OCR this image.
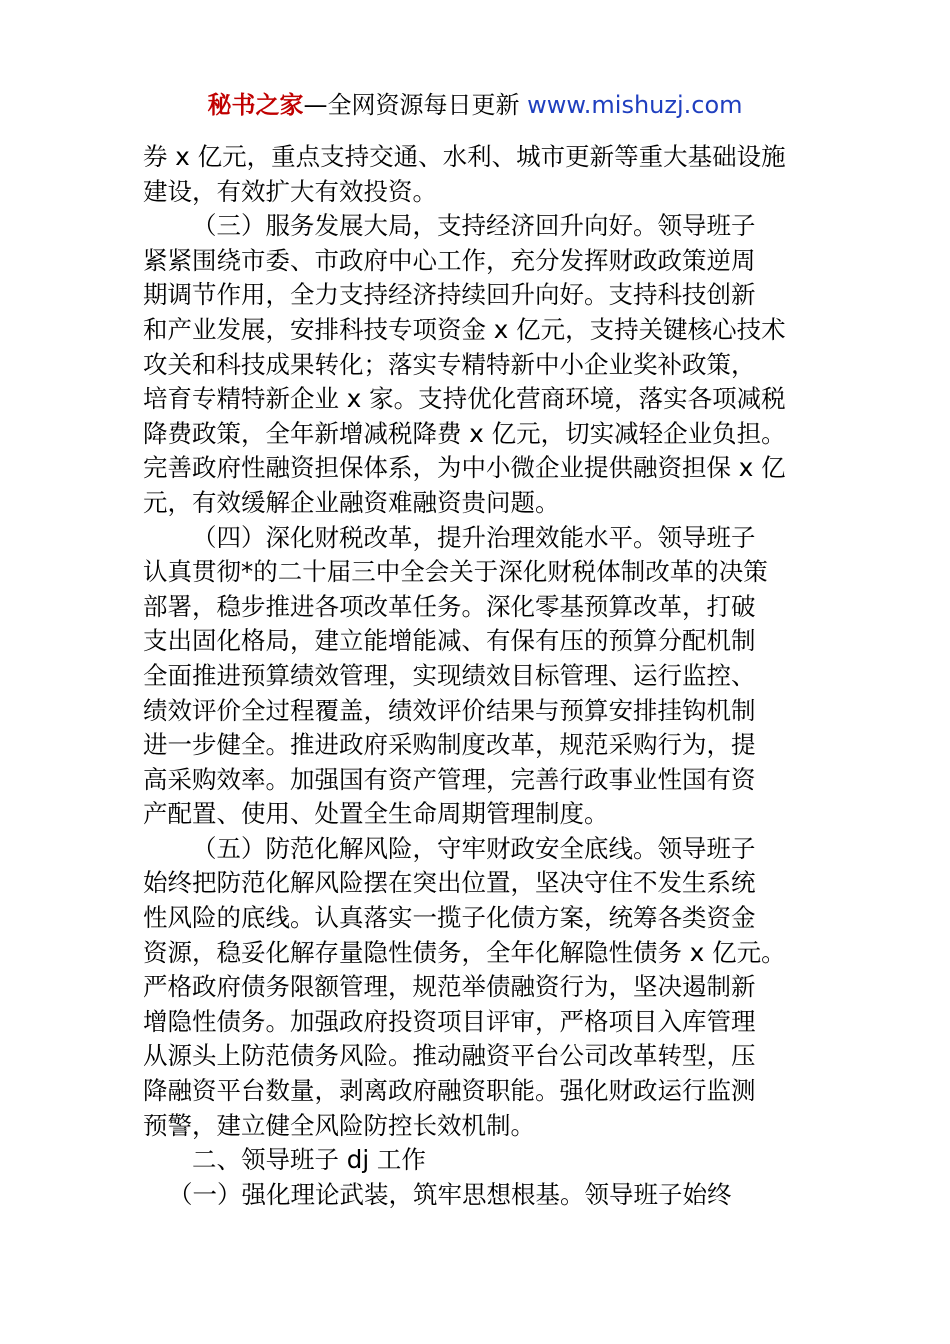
秘书之家—全网资源每日更新 www.mishuzj.com
券 x 亿元，重点支持交通、水利、城市更新等重大基础设施
建设，有效扩大有效投资。
（三）服务发展大局，支持经济回升向好。领导班子
紧紧围绕市委、市政府中心工作，充分发挥财政政策逆周
期调节作用，全力支持经济持续回升向好。支持科技创新
和产业发展，安排科技专项资金 x 亿元，支持关键核心技术
攻关和科技成果转化；落实专精特新中小企业奖补政策，
培育专精特新企业 x 家。支持优化营商环境，落实各项减税
降费政策，全年新增减税降费 x 亿元，切实减轻企业负担。
完善政府性融资担保体系，为中小微企业提供融资担保 x 亿
元，有效缓解企业融资难融资贵问题。
（四）深化财税改革，提升治理效能水平。领导班子
认真贯彻*的二十届三中全会关于深化财税体制改革的决策
部署，稳步推进各项改革任务。深化零基预算改革，打破
支出固化格局，建立能增能减、有保有压的预算分配机制
全面推进预算绩效管理，实现绩效目标管理、运行监控、
绩效评价全过程覆盖，绩效评价结果与预算安排挂钩机制
进一步健全。推进政府采购制度改革，规范采购行为，提
高采购效率。加强国有资产管理，完善行政事业性国有资
产配置、使用、处置全生命周期管理制度。
（五）防范化解风险，守牢财政安全底线。领导班子
始终把防范化解风险摆在突出位置，坚决守住不发生系统
性风险的底线。认真落实一揽子化债方案，统筹各类资金
资源，稳妥化解存量隐性债务，全年化解隐性债务 x 亿元。
严格政府债务限额管理，规范举债融资行为，坚决遏制新
增隐性债务。加强政府投资项目评审，严格项目入库管理
从源头上防范债务风险。推动融资平台公司改革转型，压
降融资平台数量，剥离政府融资职能。强化财政运行监测
预警，建立健全风险防控长效机制。
二、领导班子 dj 工作
（一）强化理论武装，筑牢思想根基。领导班子始终
